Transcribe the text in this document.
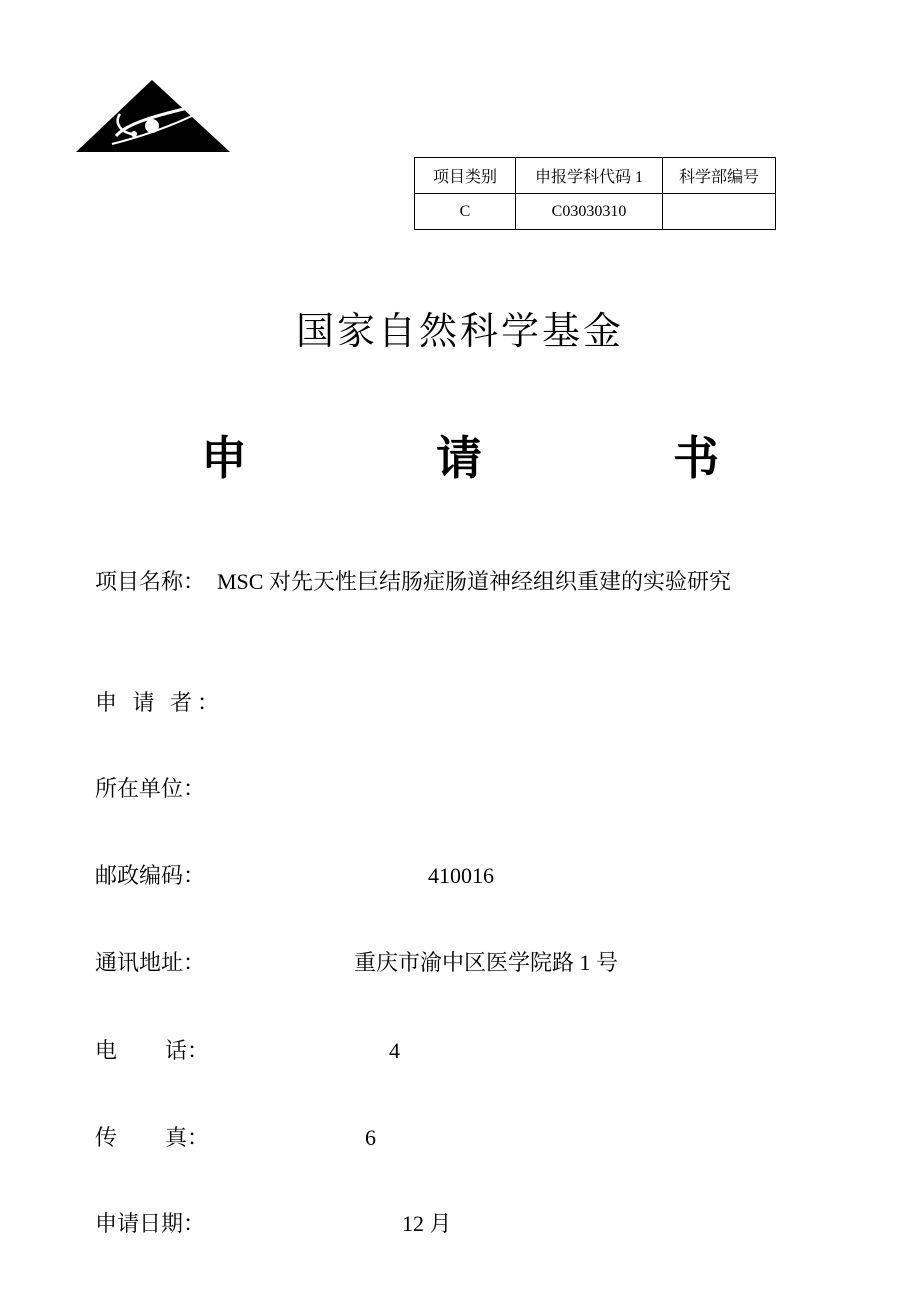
项目类别	申报学科代码 1	科学部编号
C	C03030310	
国家自然科学基金
申	请	书
项目名称： MSC 对先天性巨结肠症肠道神经组织重建的实验研究
申 请 者：
所在单位：
邮政编码：	410016
通讯地址：	重庆市渝中区医学院路 1 号
电 话：	4
传 真：	6
申请日期：	12 月
